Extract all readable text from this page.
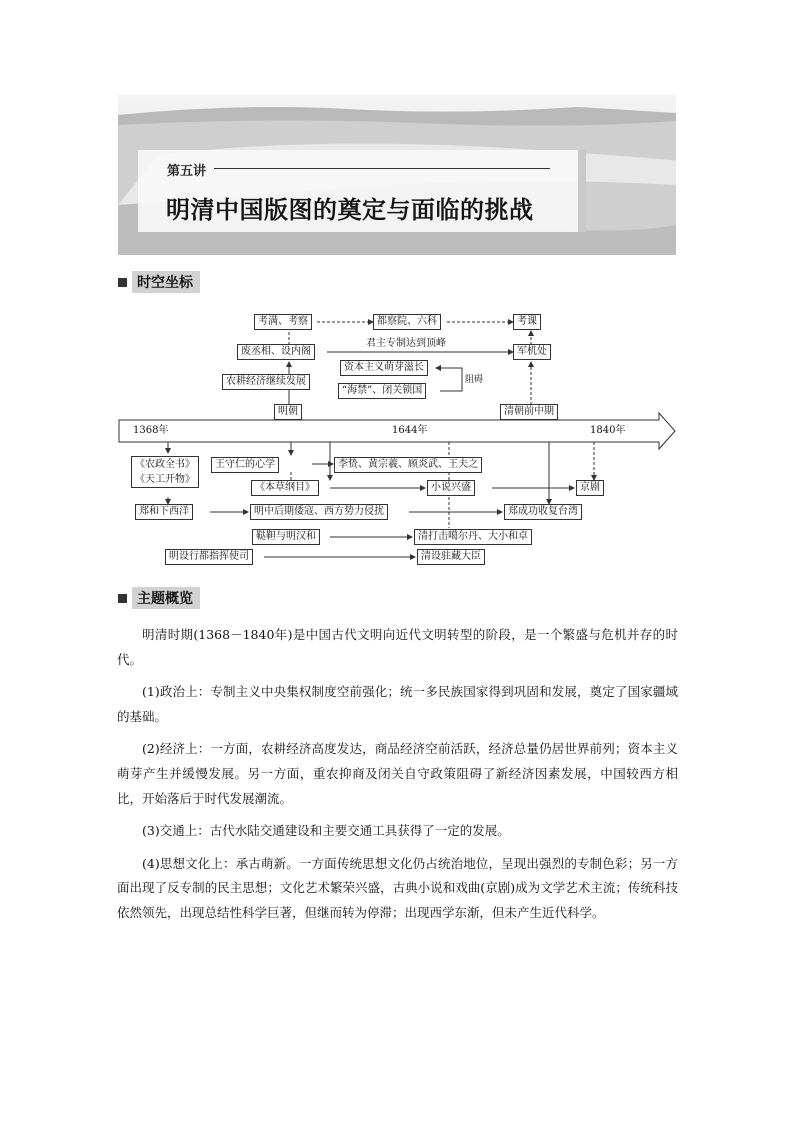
第五讲
明清中国版图的奠定与面临的挑战
时空坐标
1368年	1644年	1840年
考满、考察	都察院、六科	考课
君主专制达到顶峰
废丞相、设内阁	军机处
资本主义萌芽滋长
“海禁”、闭关锁国
阻碍
农耕经济继续发展
明朝	清朝前中期
《农政全书》
《天工开物》
王守仁的心学	李贽、黄宗羲、顾炎武、王夫之
《本草纲目》	小说兴盛	京剧
郑和下西洋	明中后期倭寇、西方势力侵扰	郑成功收复台湾
鞑靼与明汉和	清打击噶尔丹、大小和卓
明设行都指挥使司	清设驻藏大臣
主题概览

明清时期(1368－1840年)是中国古代文明向近代文明转型的阶段，是一个繁盛与危机并存的时代。

(1)政治上：专制主义中央集权制度空前强化；统一多民族国家得到巩固和发展，奠定了国家疆域的基础。

(2)经济上：一方面，农耕经济高度发达，商品经济空前活跃，经济总量仍居世界前列；资本主义萌芽产生并缓慢发展。另一方面，重农抑商及闭关自守政策阻碍了新经济因素发展，中国较西方相比，开始落后于时代发展潮流。

(3)交通上：古代水陆交通建设和主要交通工具获得了一定的发展。

(4)思想文化上：承古萌新。一方面传统思想文化仍占统治地位，呈现出强烈的专制色彩；另一方面出现了反专制的民主思想；文化艺术繁荣兴盛，古典小说和戏曲(京剧)成为文学艺术主流；传统科技依然领先，出现总结性科学巨著，但继而转为停滞；出现西学东渐，但未产生近代科学。
